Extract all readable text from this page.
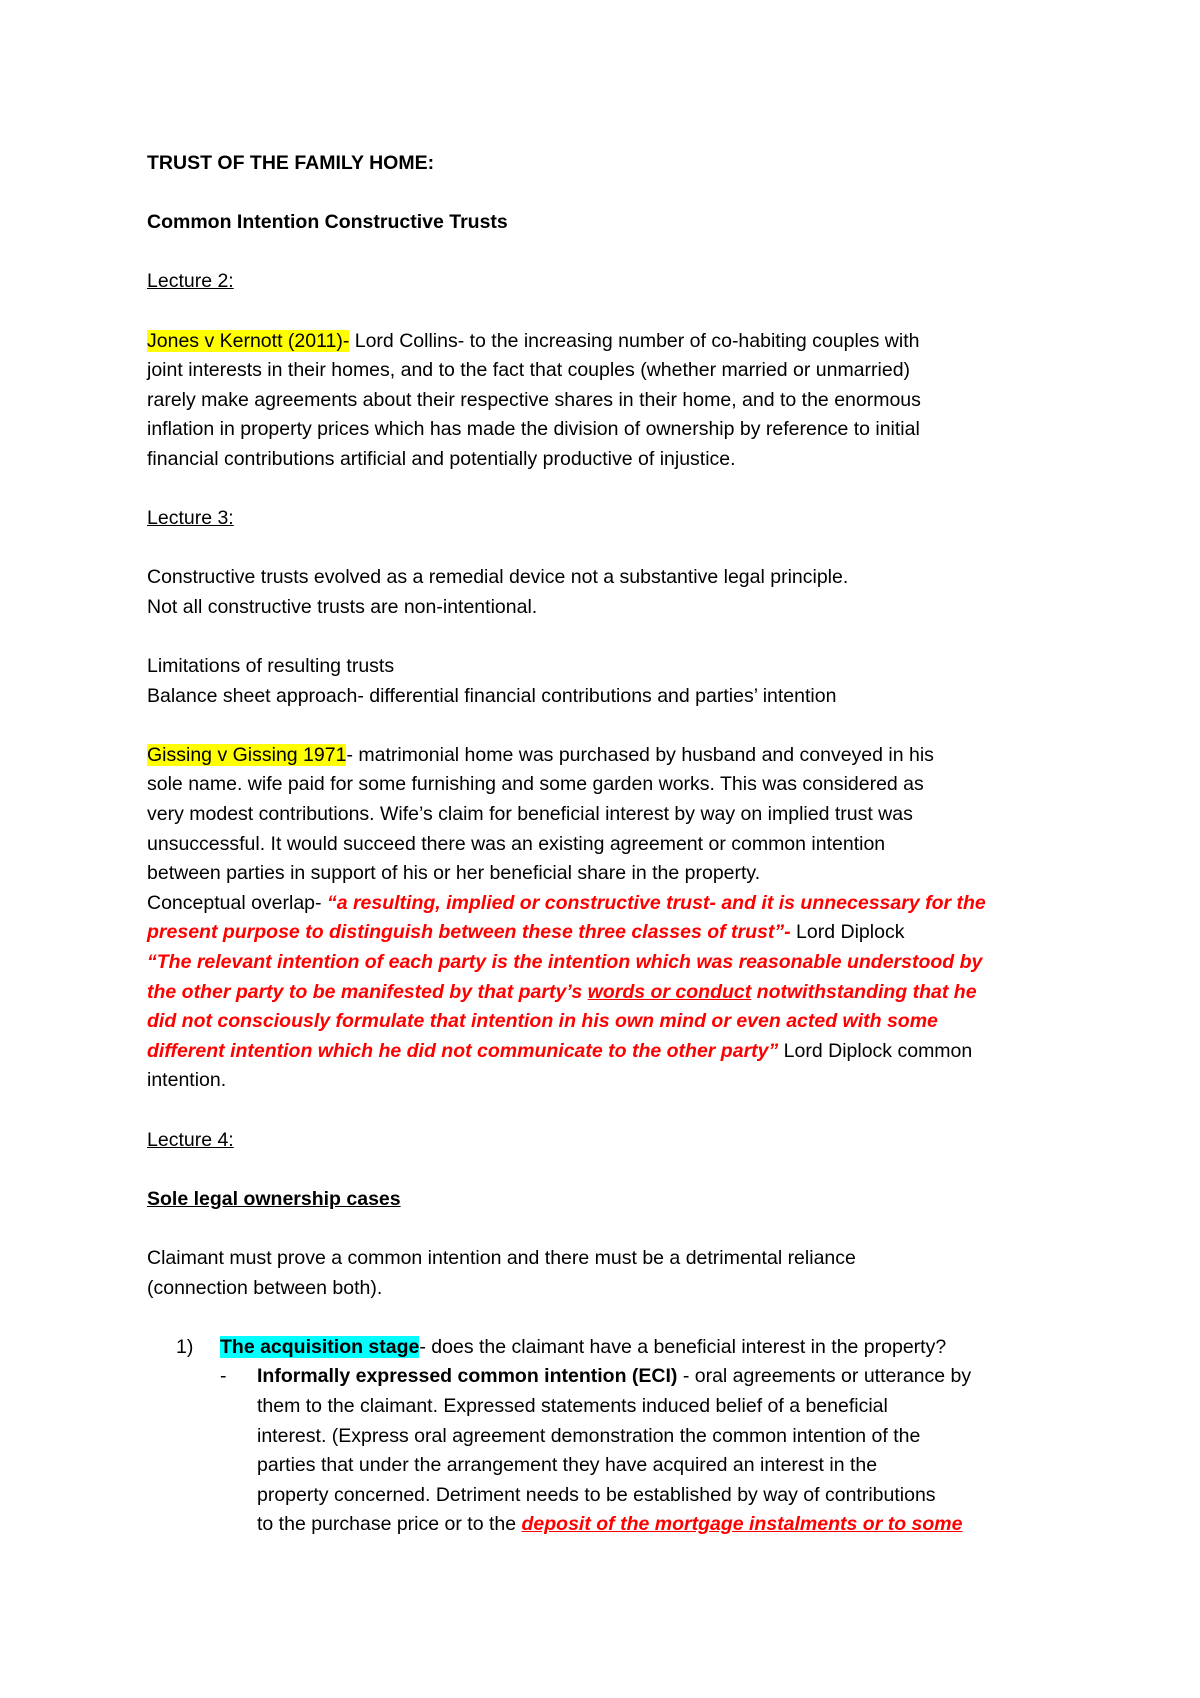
TRUST OF THE FAMILY HOME:
Common Intention Constructive Trusts
Lecture 2:
Jones v Kernott (2011)- Lord Collins- to the increasing number of co-habiting couples with
joint interests in their homes, and to the fact that couples (whether married or unmarried)
rarely make agreements about their respective shares in their home, and to the enormous
inflation in property prices which has made the division of ownership by reference to initial
financial contributions artificial and potentially productive of injustice.
Lecture 3:
Constructive trusts evolved as a remedial device not a substantive legal principle.
Not all constructive trusts are non-intentional.
Limitations of resulting trusts
Balance sheet approach- differential financial contributions and parties’ intention
Gissing v Gissing 1971- matrimonial home was purchased by husband and conveyed in his
sole name. wife paid for some furnishing and some garden works. This was considered as
very modest contributions. Wife’s claim for beneficial interest by way on implied trust was
unsuccessful. It would succeed there was an existing agreement or common intention
between parties in support of his or her beneficial share in the property.
Conceptual overlap- “a resulting, implied or constructive trust- and it is unnecessary for the
present purpose to distinguish between these three classes of trust”- Lord Diplock
“The relevant intention of each party is the intention which was reasonable understood by
the other party to be manifested by that party’s words or conduct notwithstanding that he
did not consciously formulate that intention in his own mind or even acted with some
different intention which he did not communicate to the other party” Lord Diplock common
intention.
Lecture 4:
Sole legal ownership cases
Claimant must prove a common intention and there must be a detrimental reliance
(connection between both).
1) The acquisition stage- does the claimant have a beneficial interest in the property?
- Informally expressed common intention (ECI) - oral agreements or utterance by
them to the claimant. Expressed statements induced belief of a beneficial
interest. (Express oral agreement demonstration the common intention of the
parties that under the arrangement they have acquired an interest in the
property concerned. Detriment needs to be established by way of contributions
to the purchase price or to the deposit of the mortgage instalments or to some
